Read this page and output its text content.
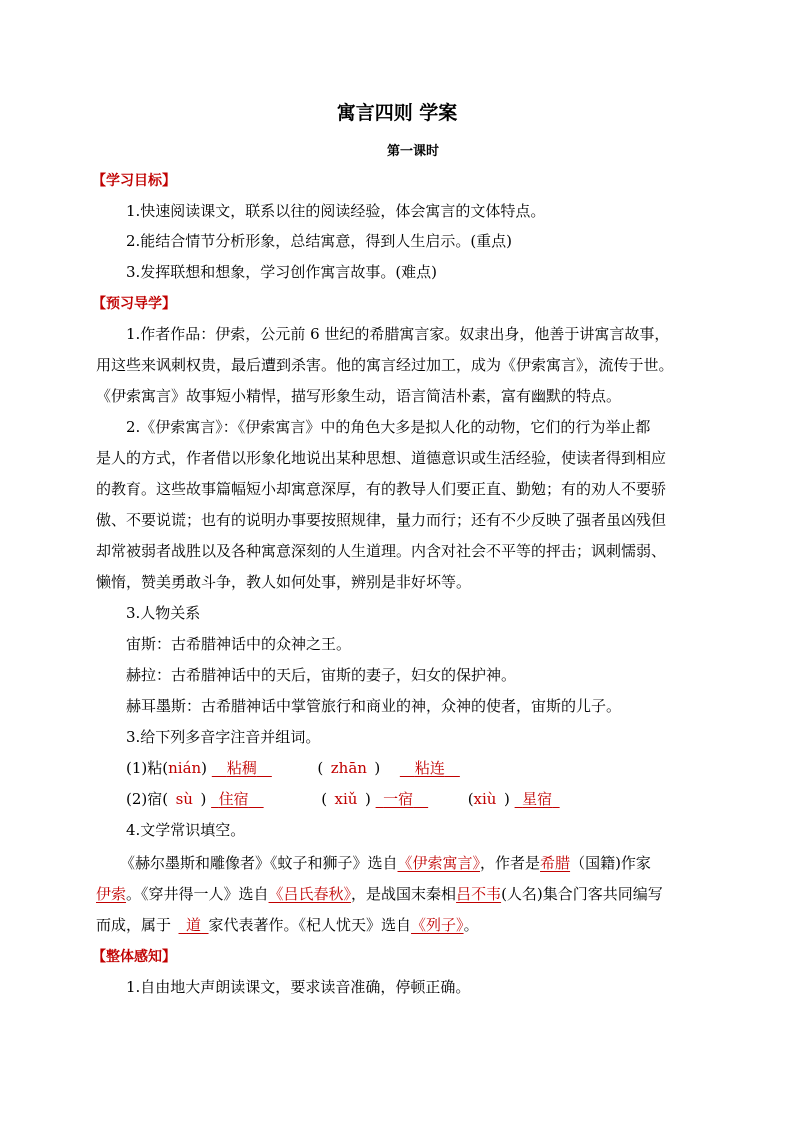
寓言四则 学案
第一课时
【学习目标】
1.快速阅读课文，联系以往的阅读经验，体会寓言的文体特点。
2.能结合情节分析形象，总结寓意，得到人生启示。(重点)
3.发挥联想和想象，学习创作寓言故事。(难点)
【预习导学】
1.作者作品：伊索，公元前 6 世纪的希腊寓言家。奴隶出身，他善于讲寓言故事，
用这些来讽刺权贵，最后遭到杀害。他的寓言经过加工，成为《伊索寓言》，流传于世。
《伊索寓言》故事短小精悍，描写形象生动，语言简洁朴素，富有幽默的特点。
2.《伊索寓言》：《伊索寓言》中的角色大多是拟人化的动物，它们的行为举止都
是人的方式，作者借以形象化地说出某种思想、道德意识或生活经验，使读者得到相应
的教育。这些故事篇幅短小却寓意深厚，有的教导人们要正直、勤勉；有的劝人不要骄
傲、不要说谎；也有的说明办事要按照规律，量力而行；还有不少反映了强者虽凶残但
却常被弱者战胜以及各种寓意深刻的人生道理。内含对社会不平等的抨击；讽刺懦弱、
懒惰，赞美勇敢斗争，教人如何处事，辨别是非好坏等。
3.人物关系
宙斯：古希腊神话中的众神之王。
赫拉：古希腊神话中的天后，宙斯的妻子，妇女的保护神。
赫耳墨斯：古希腊神话中掌管旅行和商业的神，众神的使者，宙斯的儿子。
3.给下列多音字注音并组词。
(1)粘(nián)    粘稠  	(  zhān  )     粘连  
(2)宿(  sù  )   住宿  	(  xiǔ  )   一宿  	(xiù  )   星宿 
4.文学常识填空。
《赫尔墨斯和雕像者》《蚊子和狮子》选自《伊索寓言》，作者是希腊（国籍)作家
伊索。《穿井得一人》选自《吕氏春秋》，是战国末秦相吕不韦(人名)集合门客共同编写
而成，属于   道  家代表著作。《杞人忧天》选自《列子》。
【整体感知】
1.自由地大声朗读课文，要求读音准确，停顿正确。
